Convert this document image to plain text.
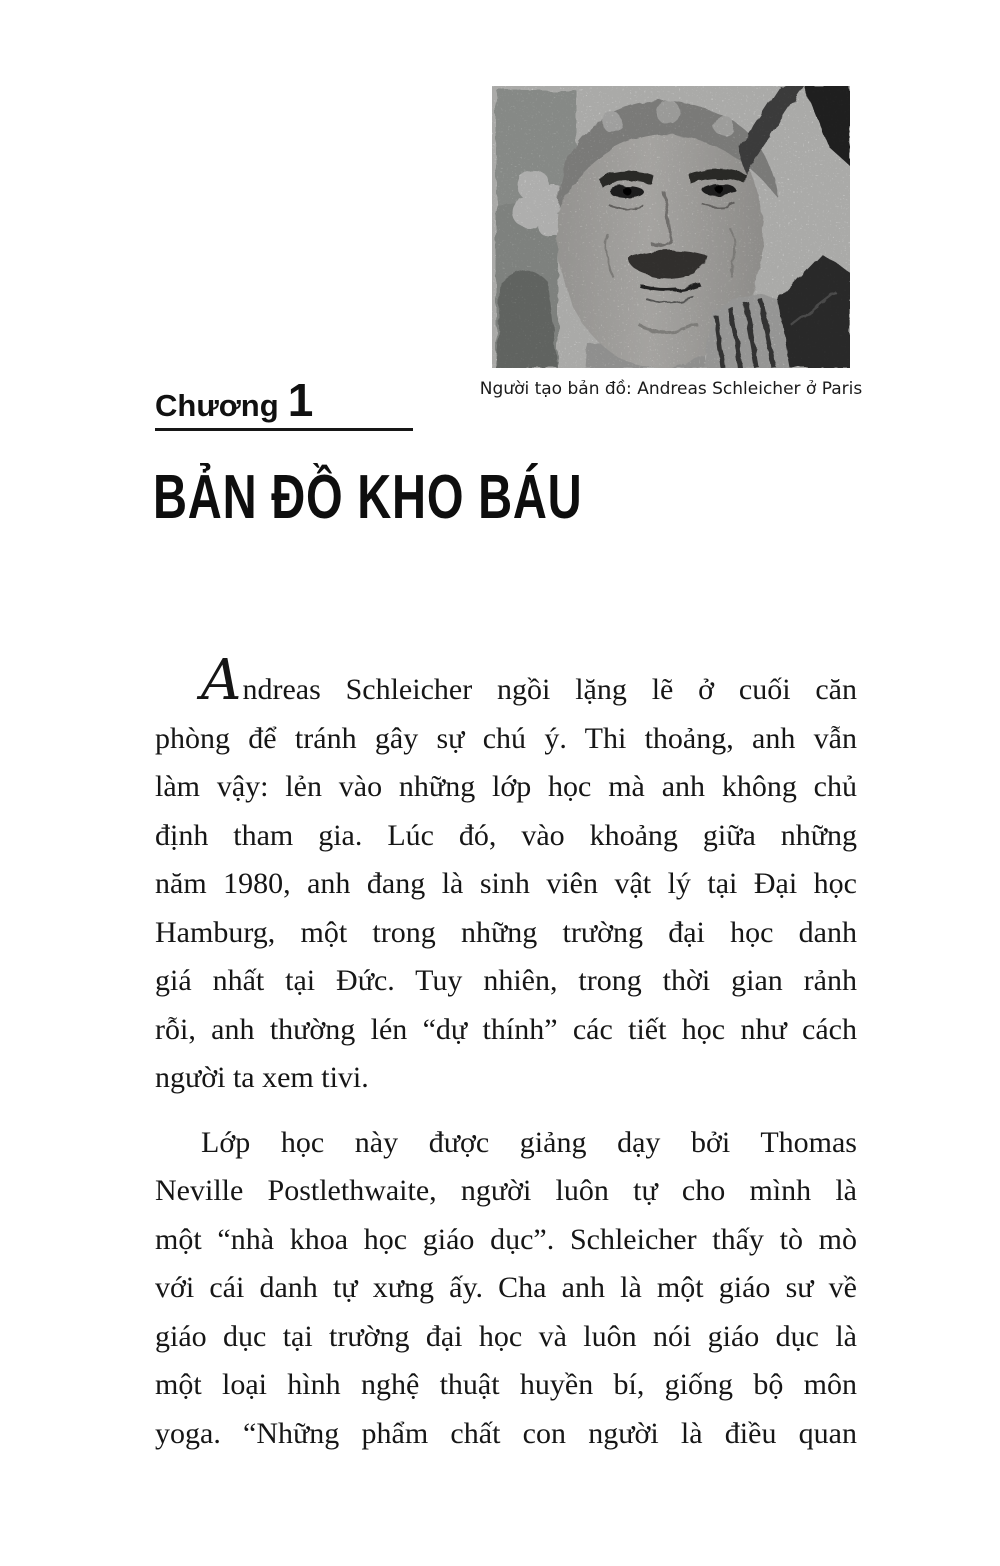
Người tạo bản đồ: Andreas Schleicher ở Paris
Chương 1
BẢN ĐỒ KHO BÁU
Andreas Schleicher ngồi lặng lẽ ở cuối căn
phòng để tránh gây sự chú ý. Thi thoảng, anh vẫn
làm vậy: lẻn vào những lớp học mà anh không chủ
định tham gia. Lúc đó, vào khoảng giữa những
năm 1980, anh đang là sinh viên vật lý tại Đại học
Hamburg, một trong những trường đại học danh
giá nhất tại Đức. Tuy nhiên, trong thời gian rảnh
rỗi, anh thường lén “dự thính” các tiết học như cách
người ta xem tivi.
Lớp học này được giảng dạy bởi Thomas
Neville Postlethwaite, người luôn tự cho mình là
một “nhà khoa học giáo dục”. Schleicher thấy tò mò
với cái danh tự xưng ấy. Cha anh là một giáo sư về
giáo dục tại trường đại học và luôn nói giáo dục là
một loại hình nghệ thuật huyền bí, giống bộ môn
yoga. “Những phẩm chất con người là điều quan
